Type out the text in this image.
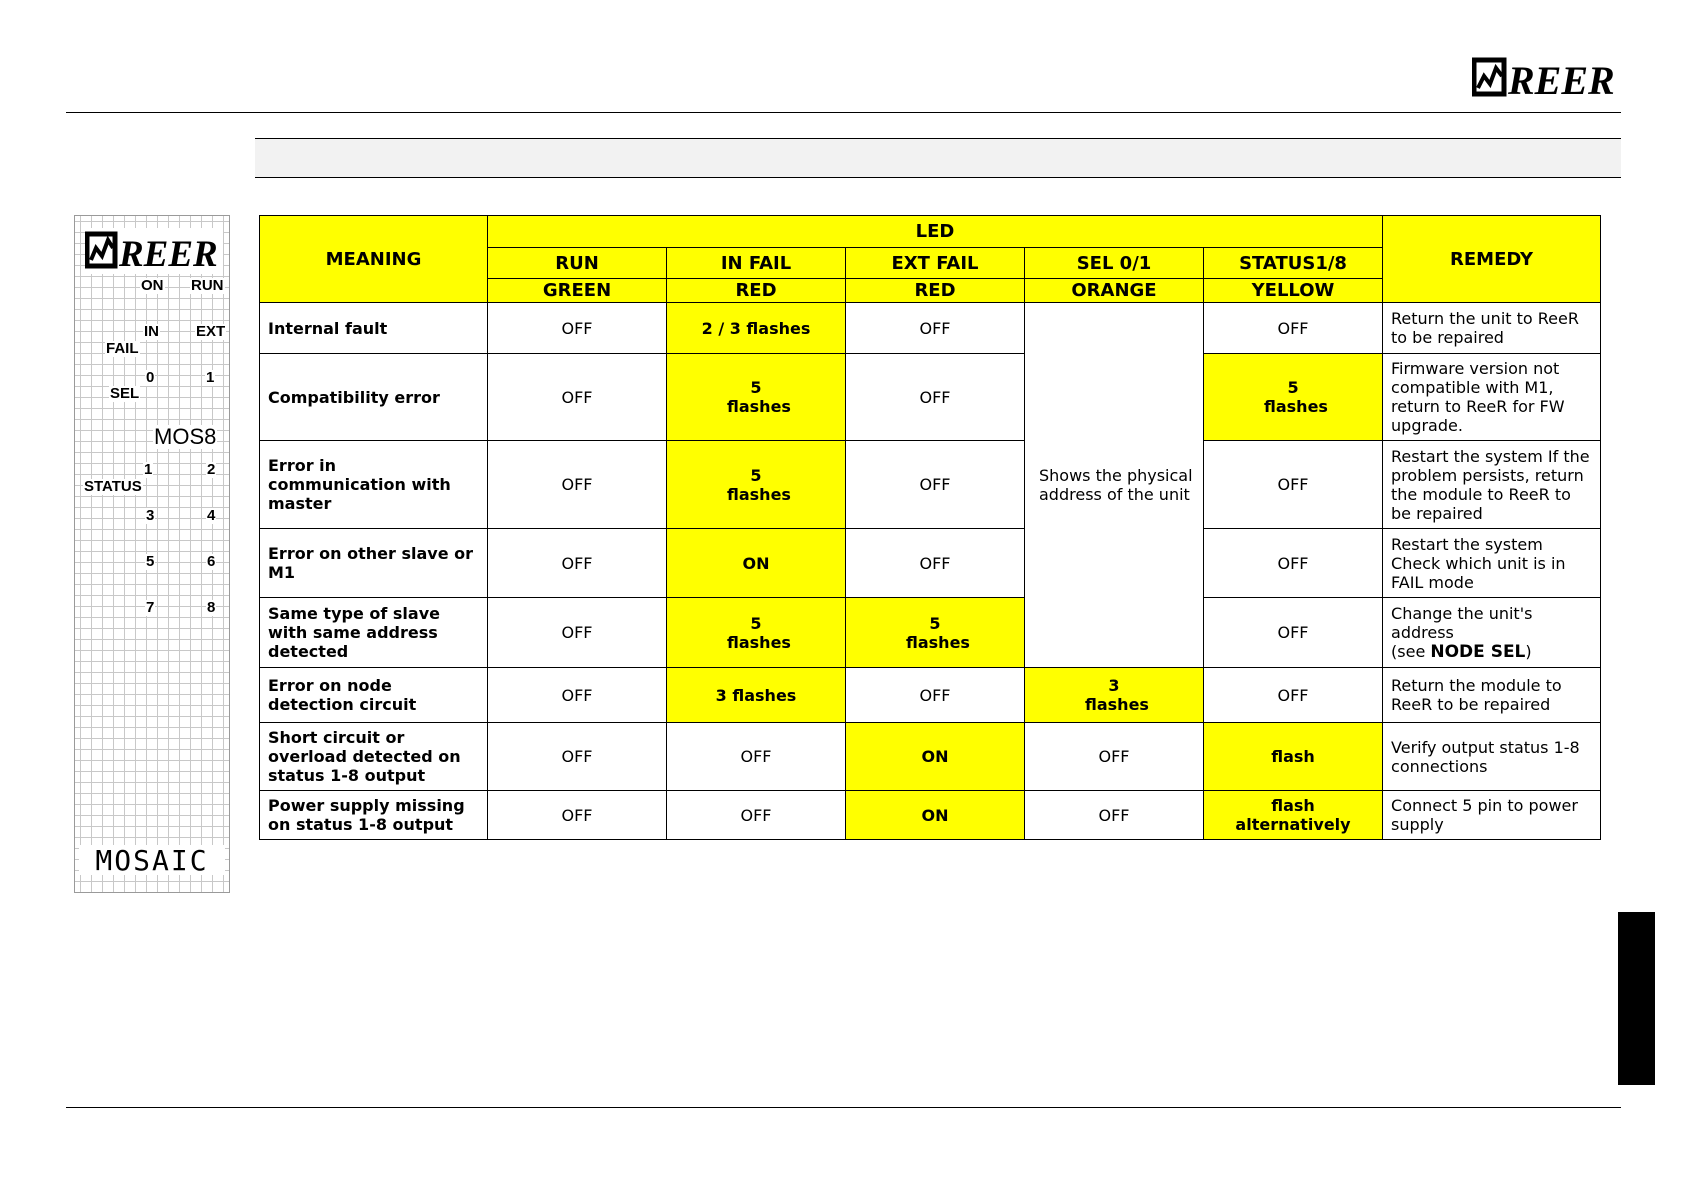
REER
REER
ON RUN
IN EXT
FAIL
0	1
SEL
MOS8
1	2
STATUS
3	4
5	6
7	8
MOSAIC
MEANING	LED					REMEDY
	RUN	IN FAIL	EXT FAIL	SEL 0/1	STATUS1/8	
	GREEN	RED	RED	ORANGE	YELLOW	
Internal fault	OFF	2 / 3 flashes	OFF	Shows the physical address of the unit	OFF	Return the unit to ReeR to be repaired
Compatibility error	OFF	5 flashes	OFF		5 flashes	Firmware version not compatible with M1, return to ReeR for FW upgrade.
Error in communication with master	OFF	5 flashes	OFF		OFF	Restart the system If the problem persists, return the module to ReeR to be repaired
Error on other slave or M1	OFF	ON	OFF		OFF	Restart the system Check which unit is in FAIL mode
Same type of slave with same address detected	OFF	5 flashes	5 flashes		OFF	Change the unit's address
(see NODE SEL)
Error on node detection circuit	OFF	3 flashes	OFF	3 flashes	OFF	Return the module to ReeR to be repaired
Short circuit or overload detected on status 1-8 output	OFF	OFF	ON	OFF	flash	Verify output status 1-8 connections
Power supply missing on status 1-8 output	OFF	OFF	ON	OFF	flash alternatively	Connect 5 pin to power supply
